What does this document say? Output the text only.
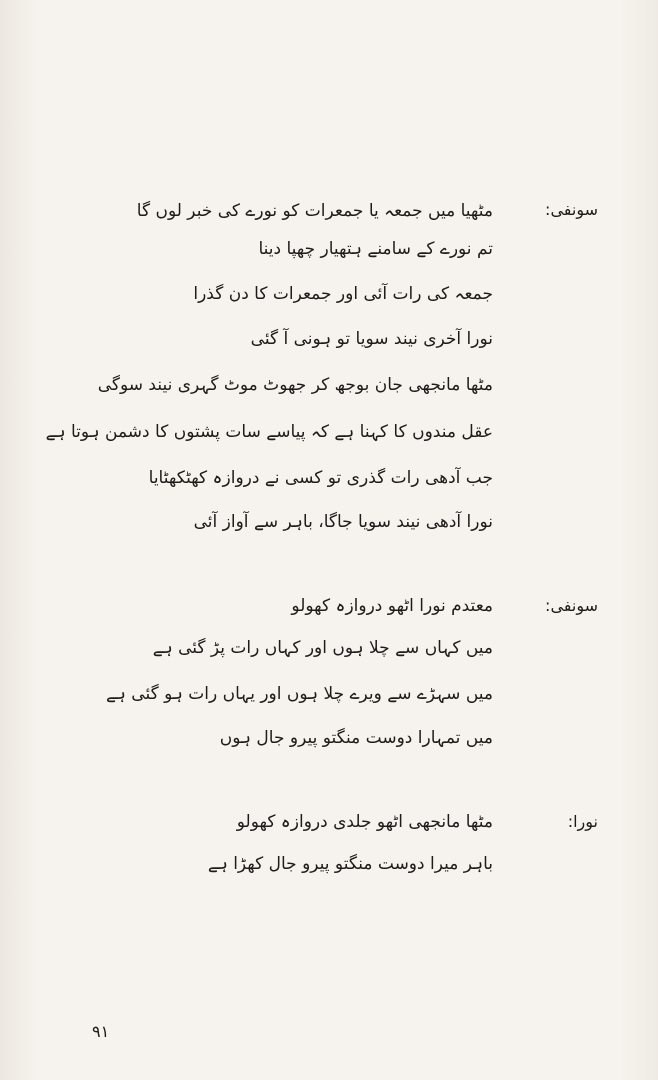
سونفی:
مٹھیا میں جمعہ یا جمعرات کو نورے کی خبر لوں گا
تم نورے کے سامنے ہتھیار چھپا دینا
جمعہ کی رات آئی اور جمعرات کا دن گذرا
نورا آخری نیند سویا تو ہونی آ گئی
مٹھا مانجھی جان بوجھ کر جھوٹ موٹ گہری نیند سوگی
عقل مندوں کا کہنا ہے کہ پیاسے سات پشتوں کا دشمن ہوتا ہے
جب آدھی رات گذری تو کسی نے دروازہ کھٹکھٹایا
نورا آدھی نیند سویا جاگا، باہر سے آواز آئی
سونفی:
معتدم نورا اٹھو دروازہ کھولو
میں کہاں سے چلا ہوں اور کہاں رات پڑ گئی ہے
میں سہڑے سے ویرے چلا ہوں اور یہاں رات ہو گئی ہے
میں تمہارا دوست منگتو پیرو جال ہوں
نورا:
مٹھا مانجھی اٹھو جلدی دروازہ کھولو
باہر میرا دوست منگتو پیرو جال کھڑا ہے
۹۱
